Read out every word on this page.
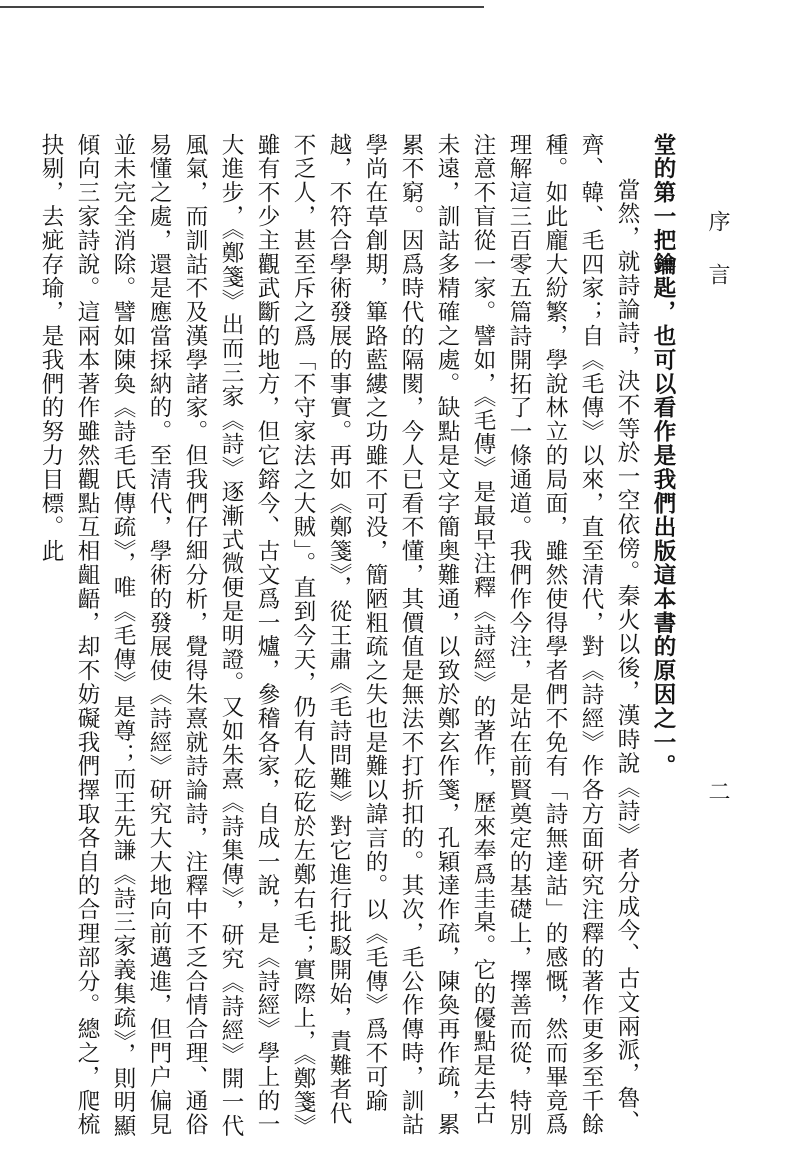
序 言
二

堂的第一把鑰匙，也可以看作是我們出版這本書的原因之一。

當然，就詩論詩，決不等於一空依傍。秦火以後，漢時說《詩》者分成今、古文兩派，魯、齊、韓、毛四家；自《毛傳》以來，直至清代，對《詩經》作各方面研究注釋的著作更多至千餘種。如此龐大紛繁，學說林立的局面，雖然使得學者們不免有「詩無達詁」的感慨，然而畢竟爲理解這三百零五篇詩開拓了一條通道。我們作今注，是站在前賢奠定的基礎上，擇善而從，特別注意不盲從一家。譬如，《毛傳》是最早注釋《詩經》的著作，歷來奉爲圭臬。它的優點是去古未遠，訓詁多精確之處。缺點是文字簡奥難通，以致於鄭玄作箋，孔穎達作疏，陳奐再作疏，累累不窮。因爲時代的隔閡，今人已看不懂，其價值是無法不打折扣的。其次，毛公作傳時，訓詁學尚在草創期，篳路藍縷之功雖不可没，簡陋粗疏之失也是難以諱言的。以《毛傳》爲不可踰越，不符合學術發展的事實。再如《鄭箋》，從王肅《毛詩問難》對它進行批駁開始，責難者代不乏人，甚至斥之爲「不守家法之大賊」。直到今天，仍有人矻矻於左鄭右毛；實際上，《鄭箋》雖有不少主觀武斷的地方，但它鎔今、古文爲一爐，參稽各家，自成一說，是《詩經》學上的一大進步，《鄭箋》出而三家《詩》逐漸式微便是明證。又如朱熹《詩集傳》，研究《詩經》開一代風氣，而訓詁不及漢學諸家。但我們仔細分析，覺得朱熹就詩論詩，注釋中不乏合情合理、通俗易懂之處，還是應當採納的。至清代，學術的發展使《詩經》研究大大地向前邁進，但門户偏見並未完全消除。譬如陳奐《詩毛氏傳疏》，唯《毛傳》是尊；而王先謙《詩三家義集疏》，則明顯傾向三家詩說。這兩本著作雖然觀點互相齟齬，却不妨礙我們擇取各自的合理部分。總之，爬梳抉剔，去疵存瑜，是我們的努力目標。此
